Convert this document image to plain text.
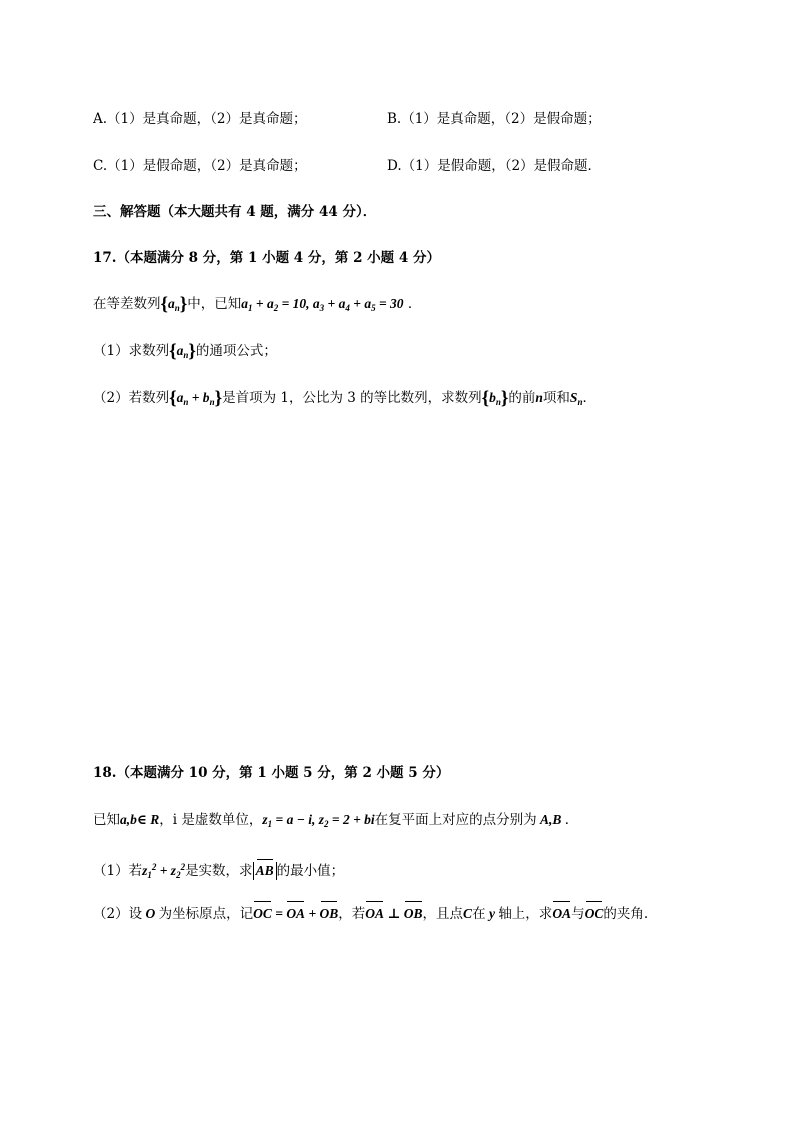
A.（1）是真命题，（2）是真命题；	B.（1）是真命题，（2）是假命题；
C.（1）是假命题，（2）是真命题；	D.（1）是假命题，（2）是假命题．
三、解答题（本大题共有 4 题，满分 44 分）．
17.（本题满分 8 分，第 1 小题 4 分，第 2 小题 4 分）
在等差数列$\{a_n\}$中，已知$a_1 + a_2 = 10$, $a_3 + a_4 + a_5 = 30$ ．
（1）求数列$\{a_n\}$的通项公式；
（2）若数列$\{a_n + b_n\}$是首项为 1，公比为 3 的等比数列，求数列$\{b_n\}$的前n项和$S_n$．
18.（本题满分 10 分，第 1 小题 5 分，第 2 小题 5 分）
已知a,b∈ R，i 是虚数单位，$z_1 = a - i$, $z_2 = 2$ + bi在复平面上对应的点分别为 A,B ．
（1）若$z_1^2 + z_2^2$是实数，求 AB 的最小值；
（2）设 O 为坐标原点，记OC = OA + OB，若OA ⊥ OB，且点C在 y 轴上，求OA与OC的夹角.
